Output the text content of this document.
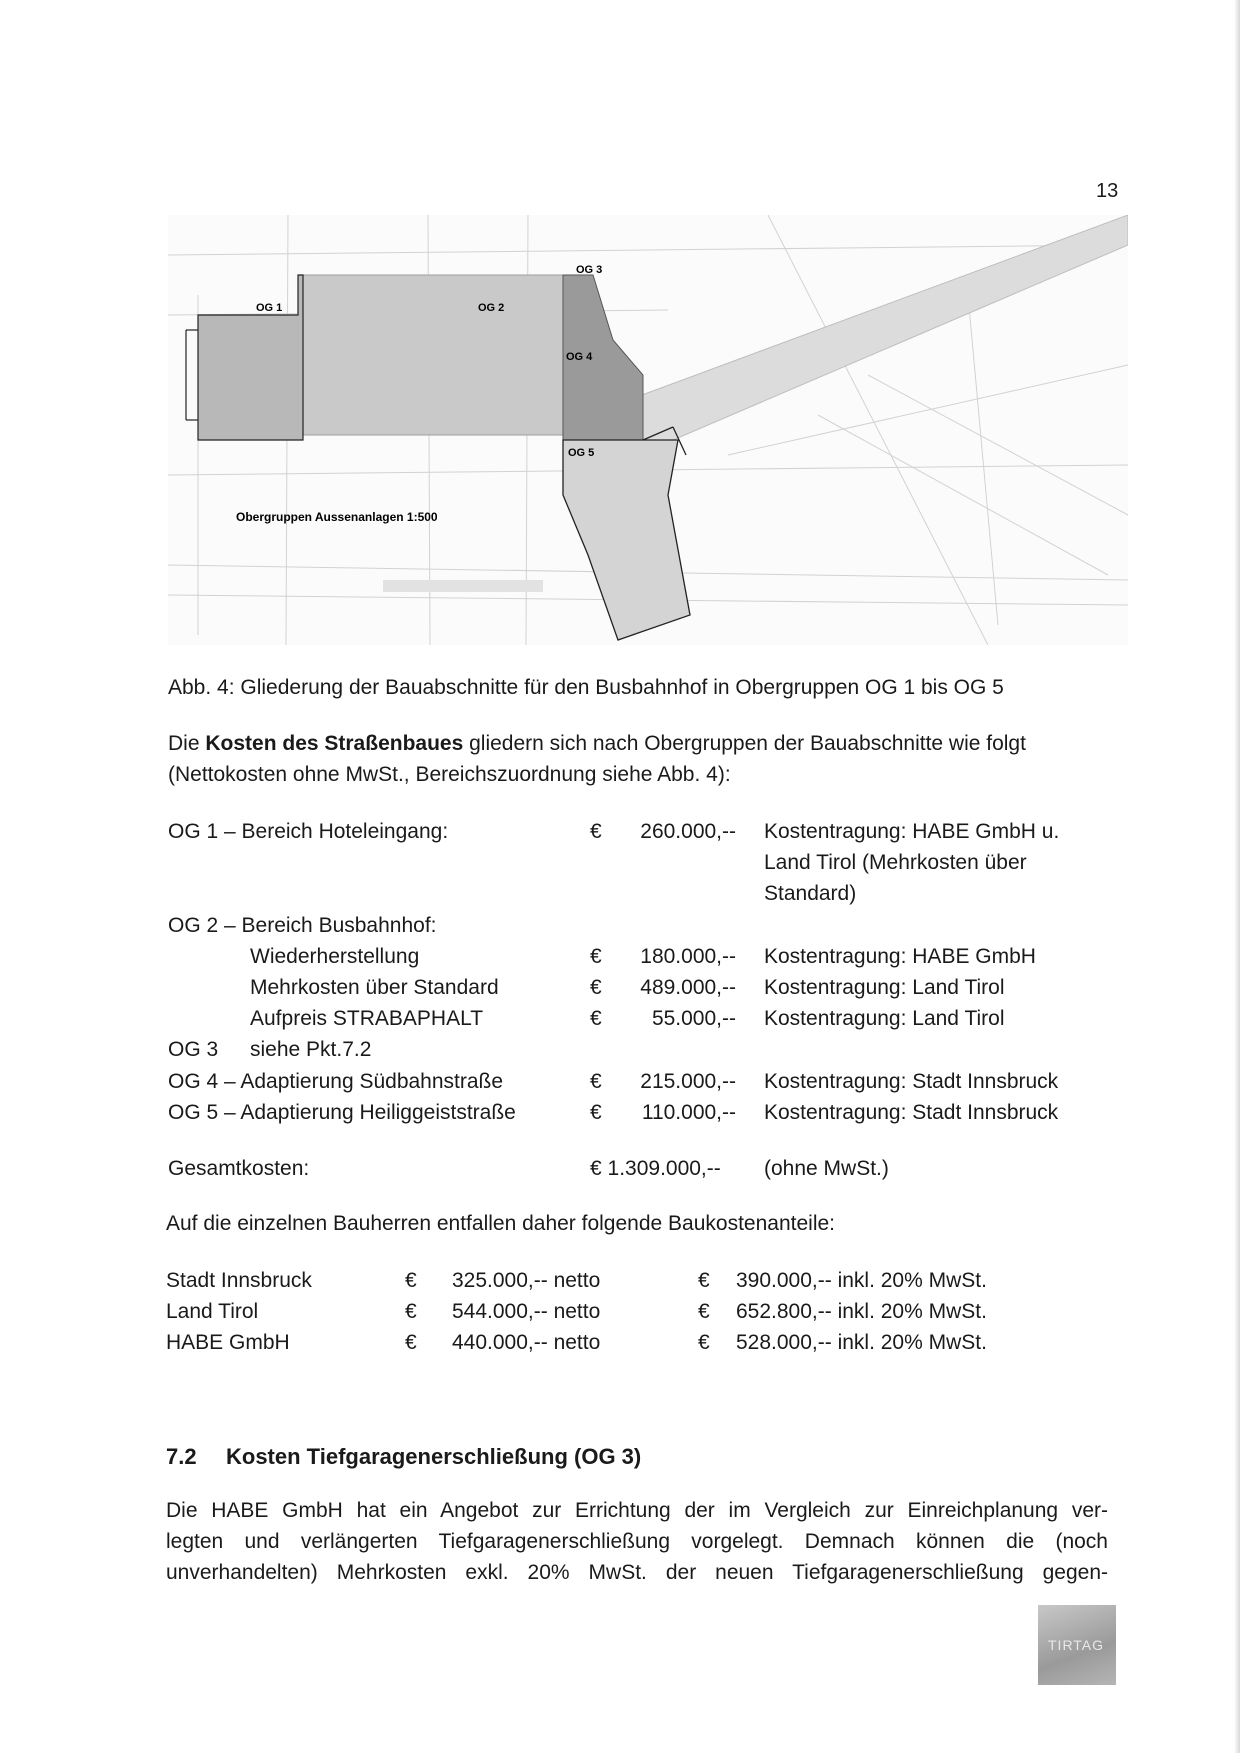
13
OG 1	OG 2
OG 3
OG 4
OG 5
Obergruppen Aussenanlagen 1:500
Abb. 4: Gliederung der Bauabschnitte für den Busbahnhof in Obergruppen OG 1 bis OG 5
Die Kosten des Straßenbaues gliedern sich nach Obergruppen der Bauabschnitte wie folgt (Nettokosten ohne MwSt., Bereichszuordnung siehe Abb. 4):
OG 1 – Bereich Hoteleingang:	€	260.000,-- Kostentragung: HABE GmbH u.
Land Tirol (Mehrkosten über
Standard)
OG 2 – Bereich Busbahnhof:
Wiederherstellung	€	180.000,-- Kostentragung: HABE GmbH
Mehrkosten über Standard	€	489.000,-- Kostentragung: Land Tirol
Aufpreis STRABAPHALT	€	55.000,-- Kostentragung: Land Tirol
OG 3 siehe Pkt.7.2
OG 4 – Adaptierung Südbahnstraße	€	215.000,-- Kostentragung: Stadt Innsbruck
OG 5 – Adaptierung Heiliggeiststraße	€	110.000,-- Kostentragung: Stadt Innsbruck
Gesamtkosten:	€ 1.309.000,-- (ohne MwSt.)
Auf die einzelnen Bauherren entfallen daher folgende Baukostenanteile:
Stadt Innsbruck	€ 325.000,-- netto	€ 390.000,-- inkl. 20% MwSt.
Land Tirol	€ 544.000,-- netto	€ 652.800,-- inkl. 20% MwSt.
HABE GmbH	€ 440.000,-- netto	€ 528.000,-- inkl. 20% MwSt.
7.2 Kosten Tiefgaragenerschließung (OG 3)
Die HABE GmbH hat ein Angebot zur Errichtung der im Vergleich zur Einreichplanung ver-
legten und verlängerten Tiefgaragenerschließung vorgelegt. Demnach können die (noch
unverhandelten) Mehrkosten exkl. 20% MwSt. der neuen Tiefgaragenerschließung gegen-
TIRTAG
